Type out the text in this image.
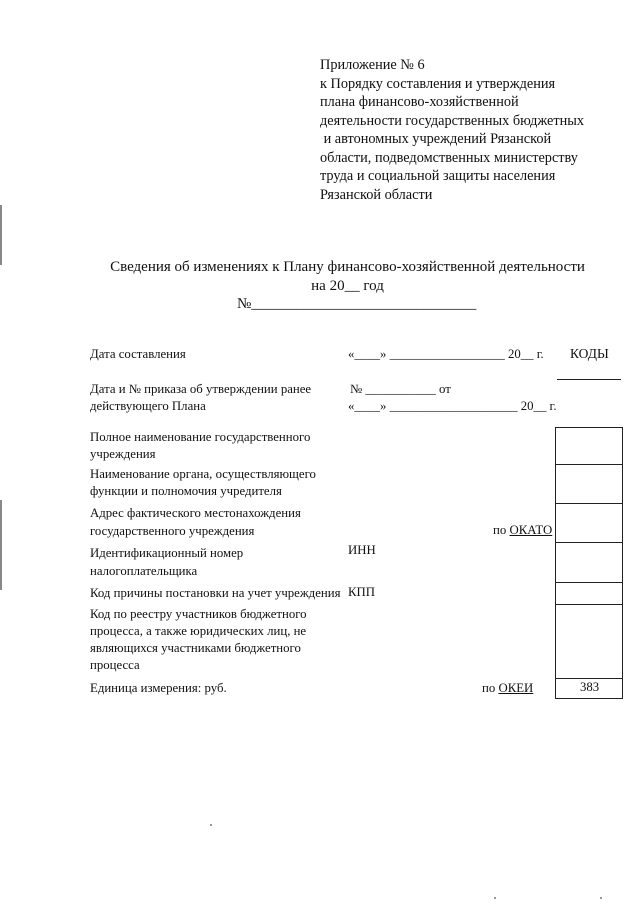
Приложение № 6
к Порядку составления и утверждения
плана финансово-хозяйственной
деятельности государственных бюджетных
и автономных учреждений Рязанской
области, подведомственных министерству
труда и социальной защиты населения
Рязанской области
Сведения об изменениях к Плану финансово-хозяйственной деятельности
на 20__ год
№______________________________
Дата составления	«____» __________________ 20__ г. КОДЫ
Дата и № приказа об утверждении ранее
действующего Плана
№ ___________ от
«____» ____________________ 20__ г.
Полное наименование государственного
учреждения
Наименование органа, осуществляющего
функции и полномочия учредителя
Адрес фактического местонахождения
государственного учреждения	по ОКАТО
Идентификационный номер
налогоплательщика
ИНН
Код причины постановки на учет учреждения КПП
Код по реестру участников бюджетного
процесса, а также юридических лиц, не
являющихся участниками бюджетного
процесса
Единица измерения: руб.	по ОКЕИ	383
